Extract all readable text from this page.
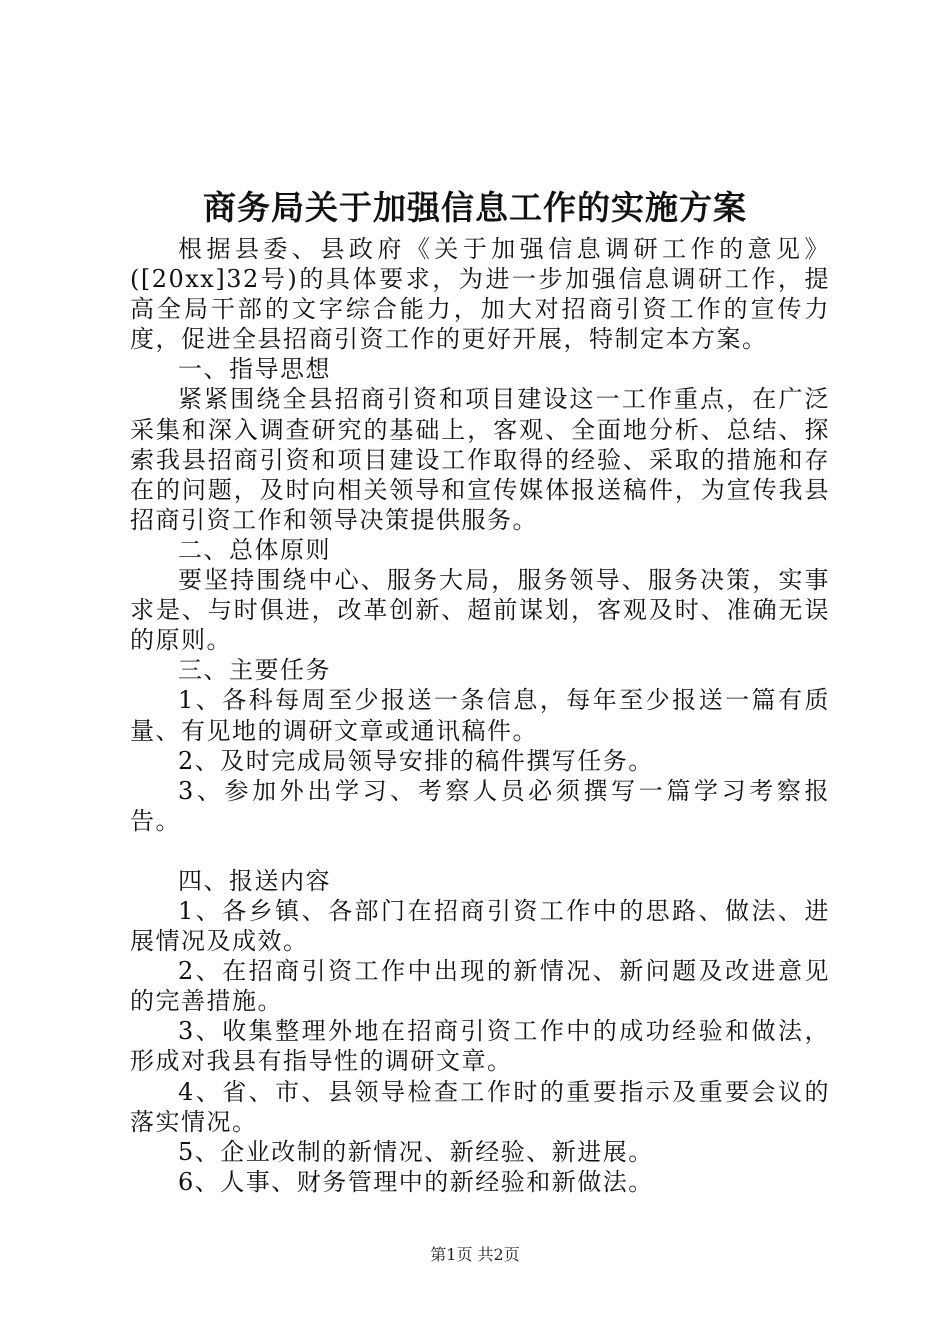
商务局关于加强信息工作的实施方案

根据县委、县政府《关于加强信息调研工作的意见》([20xx]32号)的具体要求，为进一步加强信息调研工作，提高全局干部的文字综合能力，加大对招商引资工作的宣传力度，促进全县招商引资工作的更好开展，特制定本方案。

一、指导思想

紧紧围绕全县招商引资和项目建设这一工作重点，在广泛采集和深入调查研究的基础上，客观、全面地分析、总结、探索我县招商引资和项目建设工作取得的经验、采取的措施和存在的问题，及时向相关领导和宣传媒体报送稿件，为宣传我县招商引资工作和领导决策提供服务。

二、总体原则

要坚持围绕中心、服务大局，服务领导、服务决策，实事求是、与时俱进，改革创新、超前谋划，客观及时、准确无误的原则。

三、主要任务

1、各科每周至少报送一条信息，每年至少报送一篇有质量、有见地的调研文章或通讯稿件。

2、及时完成局领导安排的稿件撰写任务。

3、参加外出学习、考察人员必须撰写一篇学习考察报告。

四、报送内容

1、各乡镇、各部门在招商引资工作中的思路、做法、进展情况及成效。

2、在招商引资工作中出现的新情况、新问题及改进意见的完善措施。

3、收集整理外地在招商引资工作中的成功经验和做法，形成对我县有指导性的调研文章。

4、省、市、县领导检查工作时的重要指示及重要会议的落实情况。

5、企业改制的新情况、新经验、新进展。

6、人事、财务管理中的新经验和新做法。

第1页 共2页
